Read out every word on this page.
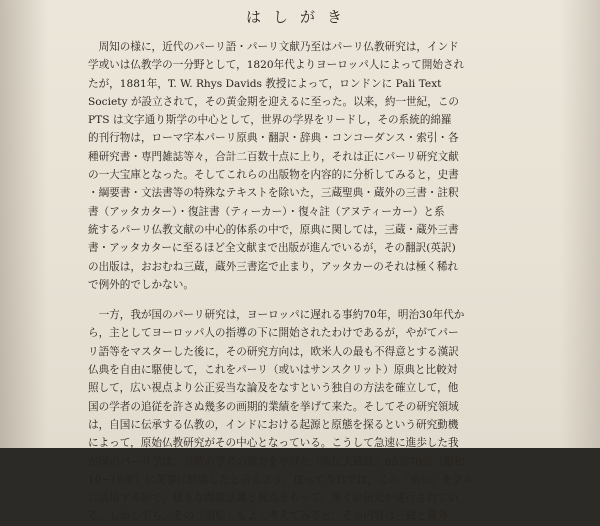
はしがき
　周知の様に，近代のパーリ語・パーリ文献乃至はパーリ仏教研究は，インド
学或いは仏教学の一分野として，1820年代よりヨーロッパ人によって開始され
たが，1881年，T. W. Rhys Davids 教授によって，ロンドンに Pali Text
Society が設立されて，その黄金期を迎えるに至った。以来，約一世紀，この
PTS は文字通り斯学の中心として，世界の学界をリードし，その系統的綿羅
的刊行物は，ローマ字本パーリ原典・翻訳・辞典・コンコーダンス・索引・各
種研究書・専門雑誌等々，合計二百数十点に上り，それは正にパーリ研究文献
の一大宝庫となった。そしてこれらの出版物を内容的に分析してみると，史書
・綱要書・文法書等の特殊なテキストを除いた，三蔵聖典・蔵外の三書・註釈
書（アッタカター）・復註書（ティーカー）・復々註（アヌティーカー）と系
統するパーリ仏教文献の中心的体系の中で，原典に関しては，三蔵・蔵外三書
書・アッタカターに至るほど全文献まで出版が進んでいるが，その翻訳(英訳)
の出版は，おおむね三蔵，蔵外三書迄で止まり，アッタカーのそれは極く稀れ
で例外的でしかない。
　一方，我が国のパーリ研究は，ヨーロッパに遅れる事約70年，明治30年代か
ら，主としてヨーロッパ人の指導の下に開始されたわけであるが，やがてパー
リ語等をマスターした後に，その研究方向は，欧米人の最も不得意とする漢訳
仏典を自由に駆使して，これをパーリ（或いはサンスクリット）原典と比較対
照して，広い視点より公正妥当な論及をなすという独自の方法を確立して，他
国の学者の追従を許さぬ幾多の画期的業績を挙げて来た。そしてその研究領域
は，自国に伝承する仏教の，インドにおける起源と原態を探るという研究動機
によって，原始仏教研究がその中心となっている。こうして急速に進歩した我
が国のパーリ学は，当時の学者の総力を挙げた『南伝大蔵経』65巻70冊（昭和
10−16年）に美事に結実したと言えよう。従って今日では，この『南伝』をフル
に活用する形で，様々な問題意識と視点をもって，多くの研究が遂行されてい
る。しかし乍ら，その『南伝』もよく考えてみると，その内容は三蔵と蔵外
